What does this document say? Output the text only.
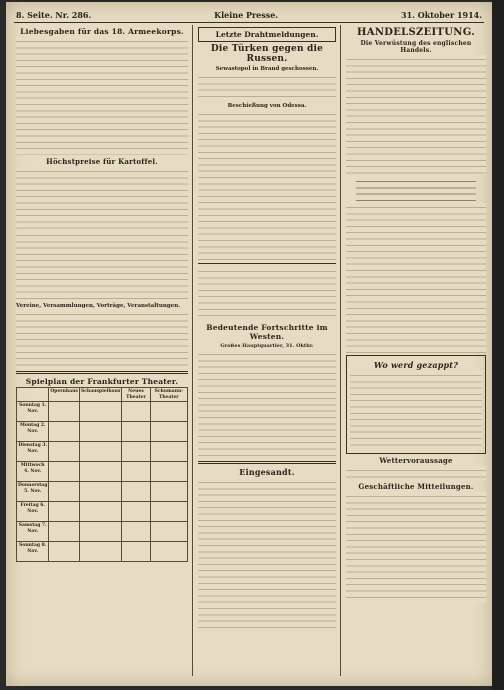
8. Seite. Nr. 286.	Kleine Presse.	31. Oktober 1914.
Liebesgaben für das 18. Armeekorps.
Höchstpreise für Kartoffel.
Vereine, Versammlungen, Vorträge, Veranstaltungen.
Spielplan der Frankfurter Theater.
	Opernhaus	Schauspielhaus	Neues Theater	Schumann-Theater
Sonntag 1. Nov.				
Montag 2. Nov.				
Dienstag 3. Nov.				
Mittwoch 4. Nov.				
Donnerstag 5. Nov.				
Freitag 6. Nov.				
Samstag 7. Nov.				
Sonntag 8. Nov.				
Letzte Drahtmeldungen.
Die Türken gegen die Russen.
Sewastopol in Brand geschossen.
Beschießung von Odessa.
Bedeutende Fortschritte im Westen.
Großes Hauptquartier, 31. Oktbr.
Eingesandt.
HANDELSZEITUNG.
Die Verwüstung des englischen Handels.
Wo werd gezappt?
Wettervoraussage
Geschäftliche Mitteilungen.
